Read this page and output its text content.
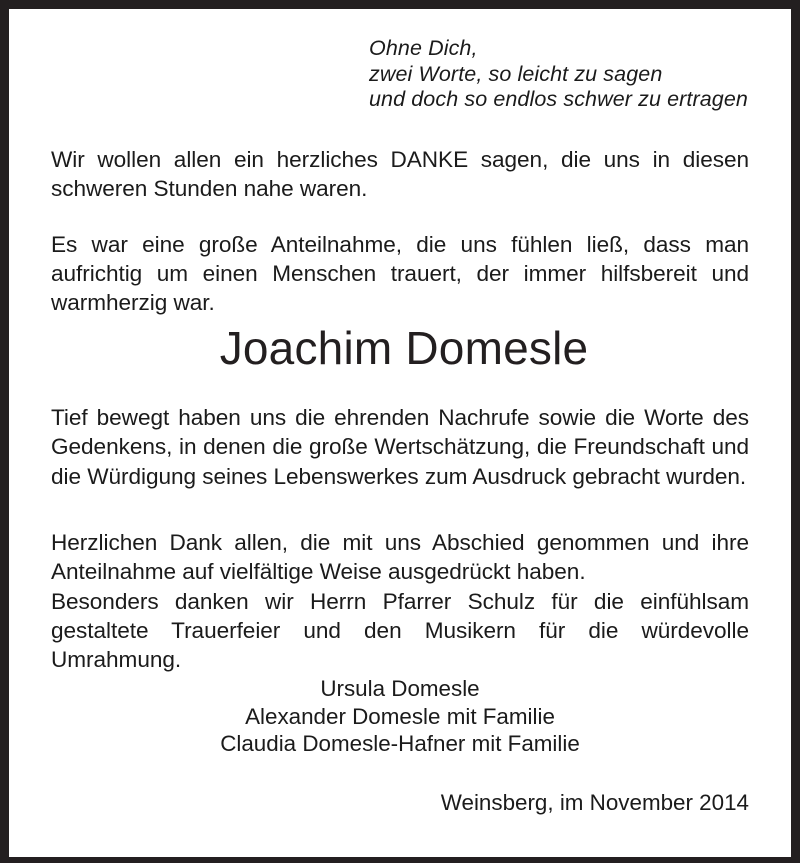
Ohne Dich,
zwei Worte, so leicht zu sagen
und doch so endlos schwer zu ertragen

Wir wollen allen ein herzliches DANKE sagen, die uns in diesen schweren Stunden nahe waren.

Es war eine große Anteilnahme, die uns fühlen ließ, dass man aufrichtig um einen Menschen trauert, der immer hilfsbereit und warmherzig war.

Joachim Domesle

Tief bewegt haben uns die ehrenden Nachrufe sowie die Worte des Gedenkens, in denen die große Wertschätzung, die Freundschaft und die Würdigung seines Lebenswerkes zum Ausdruck gebracht wurden.

Herzlichen Dank allen, die mit uns Abschied genommen und ihre Anteilnahme auf vielfältige Weise ausgedrückt haben.

Besonders danken wir Herrn Pfarrer Schulz für die einfühlsam gestaltete Trauerfeier und den Musikern für die würdevolle Umrahmung.

Ursula Domesle
Alexander Domesle mit Familie
Claudia Domesle-Hafner mit Familie
Weinsberg, im November 2014
